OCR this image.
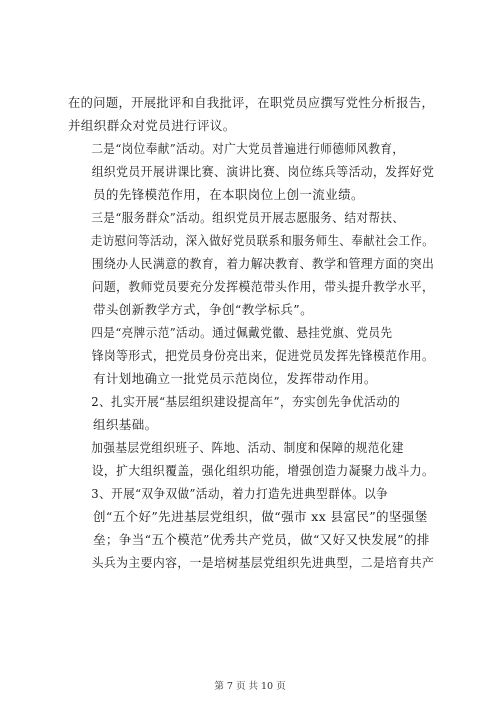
在的问题，开展批评和自我批评，在职党员应撰写党性分析报告，
并组织群众对党员进行评议。

二是“岗位奉献”活动。对广大党员普遍进行师德师风教育，
组织党员开展讲课比赛、演讲比赛、岗位练兵等活动，发挥好党
员的先锋模范作用，在本职岗位上创一流业绩。

三是“服务群众”活动。组织党员开展志愿服务、结对帮扶、
走访慰问等活动，深入做好党员联系和服务师生、奉献社会工作。
围绕办人民满意的教育，着力解决教育、教学和管理方面的突出
问题，教师党员要充分发挥模范带头作用，带头提升教学水平，
带头创新教学方式，争创“教学标兵”。

四是“亮牌示范”活动。通过佩戴党徽、悬挂党旗、党员先
锋岗等形式，把党员身份亮出来，促进党员发挥先锋模范作用。
有计划地确立一批党员示范岗位，发挥带动作用。

2、扎实开展“基层组织建设提高年”，夯实创先争优活动的
组织基础。

加强基层党组织班子、阵地、活动、制度和保障的规范化建
设，扩大组织覆盖，强化组织功能，增强创造力凝聚力战斗力。

3、开展“双争双做”活动，着力打造先进典型群体。以争
创“五个好”先进基层党组织，做“强市 xx 县富民”的坚强堡
垒；争当“五个模范”优秀共产党员，做“又好又快发展”的排
头兵为主要内容，一是培树基层党组织先进典型，二是培育共产

第 7 页 共 10 页
